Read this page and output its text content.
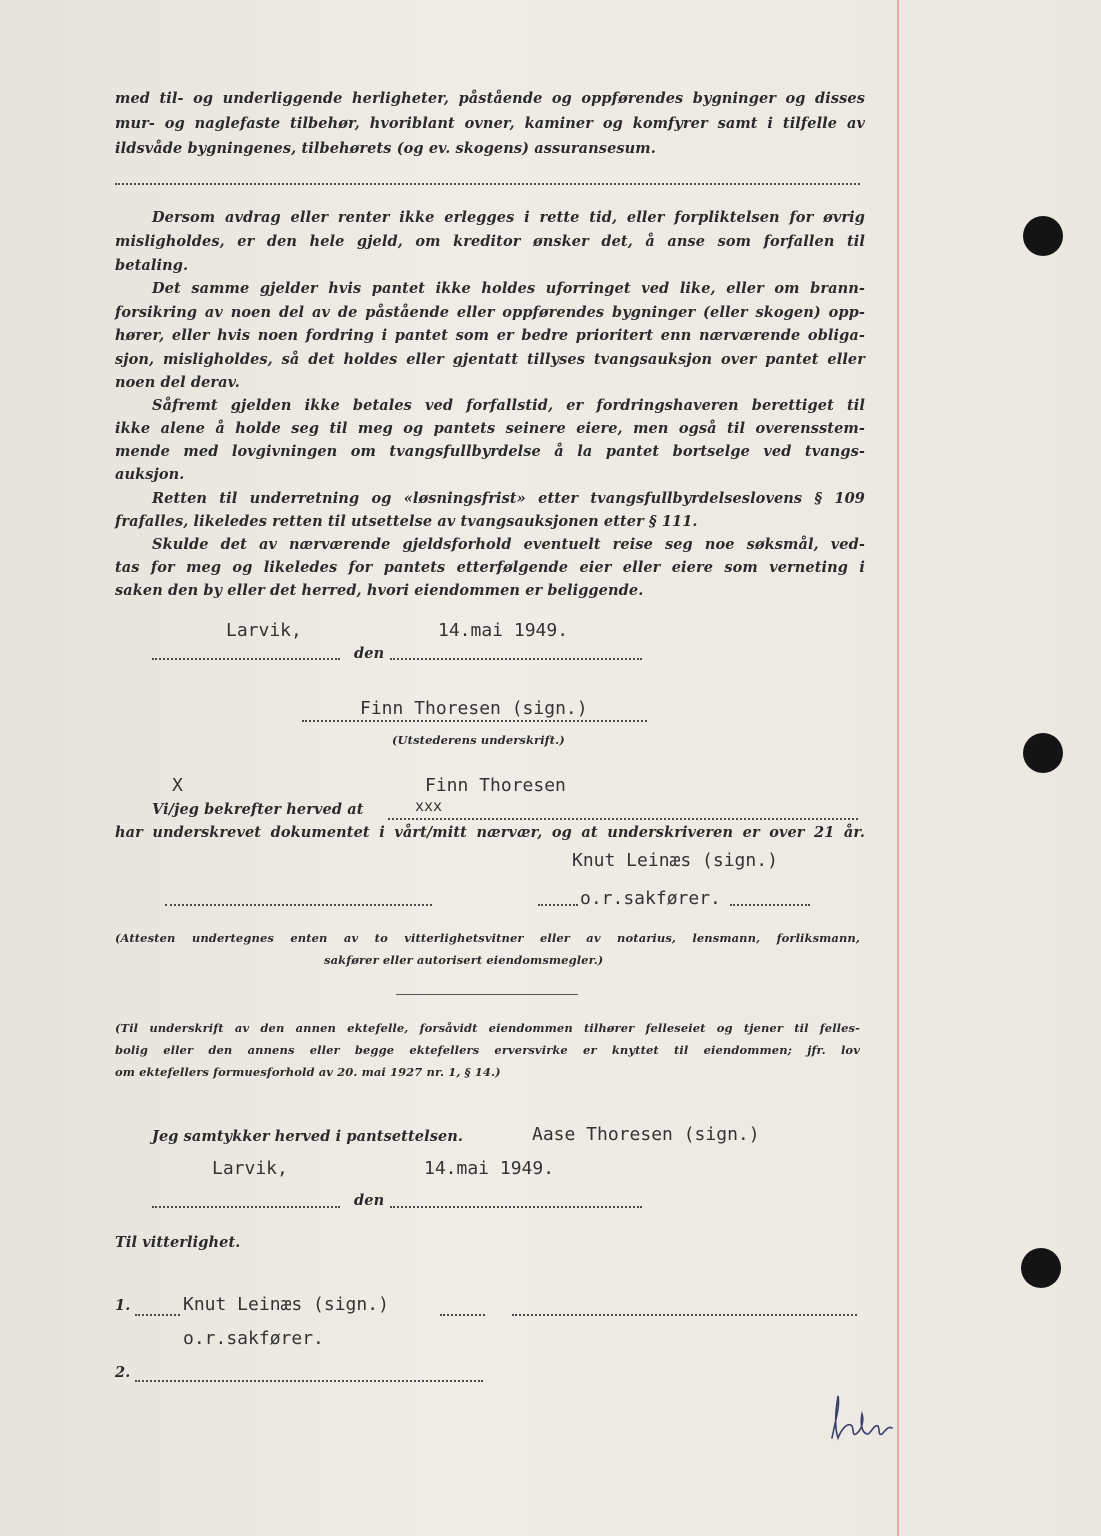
med til- og underliggende herligheter, påstående og oppførendes bygninger og disses

mur- og naglefaste tilbehør, hvoriblant ovner, kaminer og komfyrer samt i tilfelle av

ildsvåde bygningenes, tilbehørets (og ev. skogens) assuransesum.

Dersom avdrag eller renter ikke erlegges i rette tid, eller forpliktelsen for øvrig

misligholdes, er den hele gjeld, om kreditor ønsker det, å anse som forfallen til

betaling.

Det samme gjelder hvis pantet ikke holdes uforringet ved like, eller om brann-

forsikring av noen del av de påstående eller oppførendes bygninger (eller skogen) opp-

hører, eller hvis noen fordring i pantet som er bedre prioritert enn nærværende obliga-

sjon, misligholdes, så det holdes eller gjentatt tillyses tvangsauksjon over pantet eller

noen del derav.

Såfremt gjelden ikke betales ved forfallstid, er fordringshaveren berettiget til

ikke alene å holde seg til meg og pantets seinere eiere, men også til overensstem-

mende med lovgivningen om tvangsfullbyrdelse å la pantet bortselge ved tvangs-

auksjon.

Retten til underretning og «løsningsfrist» etter tvangsfullbyrdelseslovens § 109

frafalles, likeledes retten til utsettelse av tvangsauksjonen etter § 111.

Skulde det av nærværende gjeldsforhold eventuelt reise seg noe søksmål, ved-

tas for meg og likeledes for pantets etterfølgende eier eller eiere som verneting i

saken den by eller det herred, hvori eiendommen er beliggende.

Larvik,	14.mai 1949.

den

Finn Thoresen (sign.)

(Utstederens underskrift.)

X	Finn Thoresen

Vi/jeg bekrefter herved at	xxx

har underskrevet dokumentet i vårt/mitt nærvær, og at underskriveren er over 21 år.

Knut Leinæs (sign.)

o.r.sakfører.

(Attesten undertegnes enten av to vitterlighetsvitner eller av notarius, lensmann, forliksmann,

sakfører eller autorisert eiendomsmegler.)

(Til underskrift av den annen ektefelle, forsåvidt eiendommen tilhører felleseiet og tjener til felles-

bolig eller den annens eller begge ektefellers erversvirke er knyttet til eiendommen; jfr. lov

om ektefellers formuesforhold av 20. mai 1927 nr. 1, § 14.)

Jeg samtykker herved i pantsettelsen.	Aase Thoresen (sign.)

Larvik,	14.mai 1949.

den

Til vitterlighet.

1.	Knut Leinæs (sign.)

o.r.sakfører.

2.
